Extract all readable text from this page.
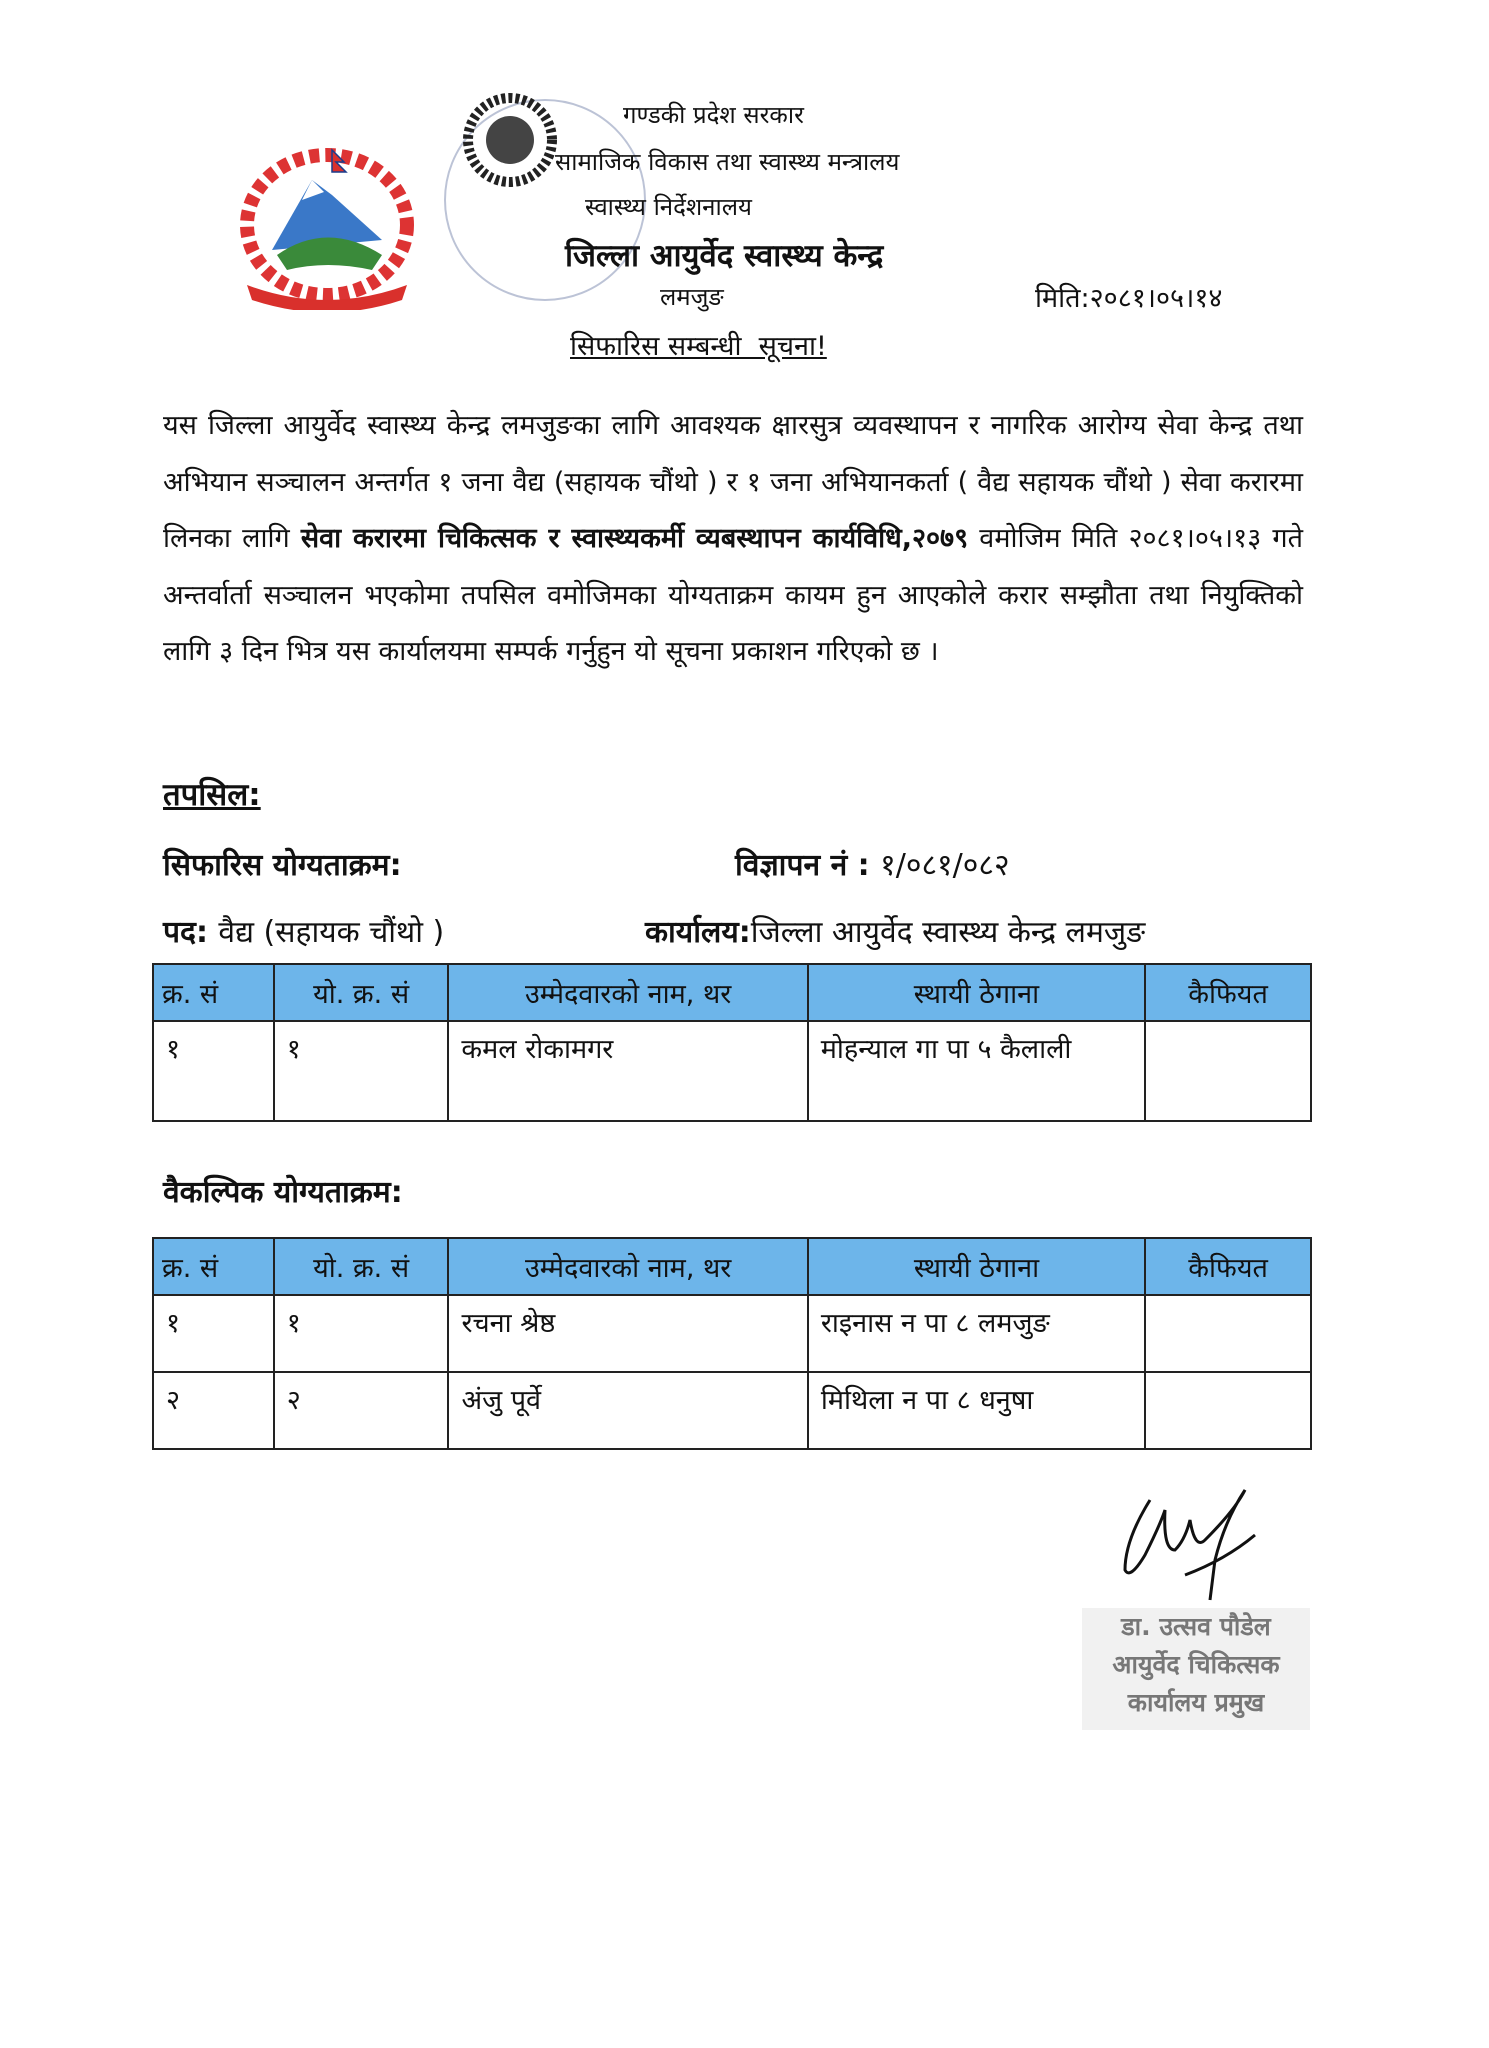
गण्डकी प्रदेश सरकार
सामाजिक विकास तथा स्वास्थ्य मन्त्रालय
स्वास्थ्य निर्देशनालय
जिल्ला आयुर्वेद स्वास्थ्य केन्द्र
लमजुङ	मिति:२०८१।०५।१४
सिफारिस सम्बन्धी  सूचना!
यस जिल्ला आयुर्वेद स्वास्थ्य केन्द्र लमजुङका लागि आवश्यक क्षारसुत्र व्यवस्थापन र नागरिक आरोग्य सेवा केन्द्र तथा अभियान सञ्चालन अन्तर्गत १ जना वैद्य (सहायक चौंथो ) र १ जना अभियानकर्ता ( वैद्य सहायक चौंथो ) सेवा करारमा लिनका लागि सेवा करारमा चिकित्सक र स्वास्थ्यकर्मी व्यबस्थापन कार्यविधि,२०७९ वमोजिम मिति २०८१।०५।१३ गते अन्तर्वार्ता सञ्चालन भएकोमा तपसिल वमोजिमका योग्यताक्रम कायम हुन आएकोले करार सम्झौता तथा नियुक्तिको लागि ३ दिन भित्र यस कार्यालयमा सम्पर्क गर्नुहुन यो सूचना प्रकाशन गरिएको छ ।
तपसिल:
सिफारिस योग्यताक्रम:	विज्ञापन नं : १/०८१/०८२
पद: वैद्य (सहायक चौंथो )	कार्यालय:जिल्ला आयुर्वेद स्वास्थ्य केन्द्र लमजुङ
क्र. सं	यो. क्र. सं	उम्मेदवारको नाम, थर	स्थायी ठेगाना	कैफियत
१	१	कमल रोकामगर	मोहन्याल गा पा ५ कैलाली	
वैकल्पिक योग्यताक्रम:
क्र. सं	यो. क्र. सं	उम्मेदवारको नाम, थर	स्थायी ठेगाना	कैफियत
१	१	रचना श्रेष्ठ	राइनास न पा ८ लमजुङ	
२	२	अंजु पूर्वे	मिथिला न पा ८ धनुषा	
डा. उत्सव पौडेल
आयुर्वेद चिकित्सक
कार्यालय प्रमुख
